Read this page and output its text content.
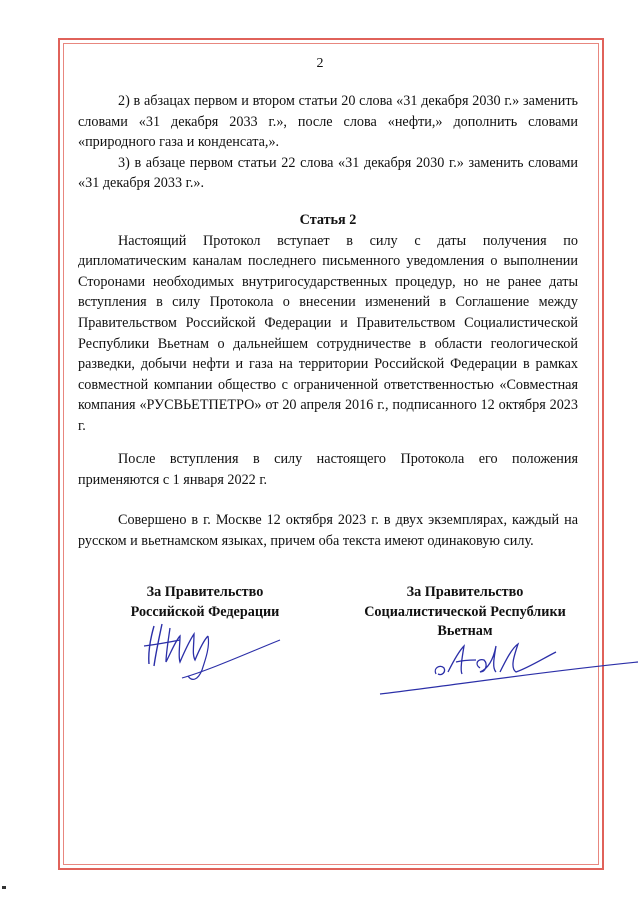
2

2) в абзацах первом и втором статьи 20 слова «31 декабря 2030 г.» заменить словами «31 декабря 2033 г.», после слова «нефти,» дополнить словами «природного газа и конденсата,».

3) в абзаце первом статьи 22 слова «31 декабря 2030 г.» заменить словами «31 декабря 2033 г.».

Статья 2

Настоящий Протокол вступает в силу с даты получения по дипломатическим каналам последнего письменного уведомления о выполнении Сторонами необходимых внутригосударственных процедур, но не ранее даты вступления в силу Протокола о внесении изменений в Соглашение между Правительством Российской Федерации и Правительством Социалистической Республики Вьетнам о дальнейшем сотрудничестве в области геологической разведки, добычи нефти и газа на территории Российской Федерации в рамках совместной компании общество с ограниченной ответственностью «Совместная компания «РУСВЬЕТПЕТРО» от 20 апреля 2016 г., подписанного 12 октября 2023 г.

После вступления в силу настоящего Протокола его положения применяются с 1 января 2022 г.

Совершено в г. Москве 12 октября 2023 г. в двух экземплярах, каждый на русском и вьетнамском языках, причем оба текста имеют одинаковую силу.

За Правительство
Российской Федерации
За Правительство
Социалистической Республики
Вьетнам
